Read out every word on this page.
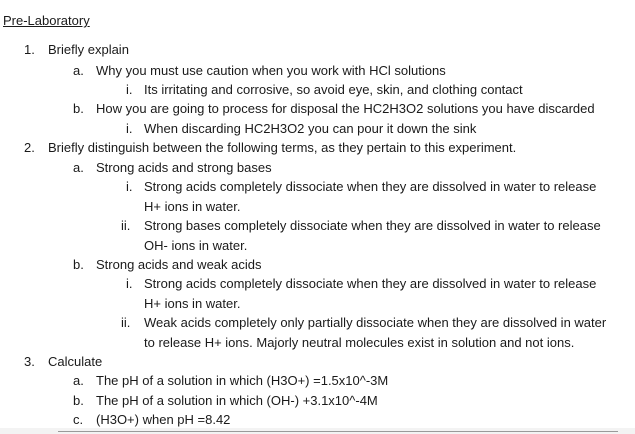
Pre-Laboratory
1. Briefly explain
a. Why you must use caution when you work with HCl solutions
i. Its irritating and corrosive, so avoid eye, skin, and clothing contact
b. How you are going to process for disposal the HC2H3O2 solutions you have discarded
i. When discarding HC2H3O2 you can pour it down the sink
2. Briefly distinguish between the following terms, as they pertain to this experiment.
a. Strong acids and strong bases
i. Strong acids completely dissociate when they are dissolved in water to release
H+ ions in water.
ii. Strong bases completely dissociate when they are dissolved in water to release
OH- ions in water.
b. Strong acids and weak acids
i. Strong acids completely dissociate when they are dissolved in water to release
H+ ions in water.
ii. Weak acids completely only partially dissociate when they are dissolved in water
to release H+ ions. Majorly neutral molecules exist in solution and not ions.
3. Calculate
a. The pH of a solution in which (H3O+) =1.5x10^-3M
b. The pH of a solution in which (OH-) +3.1x10^-4M
c. (H3O+) when pH =8.42
